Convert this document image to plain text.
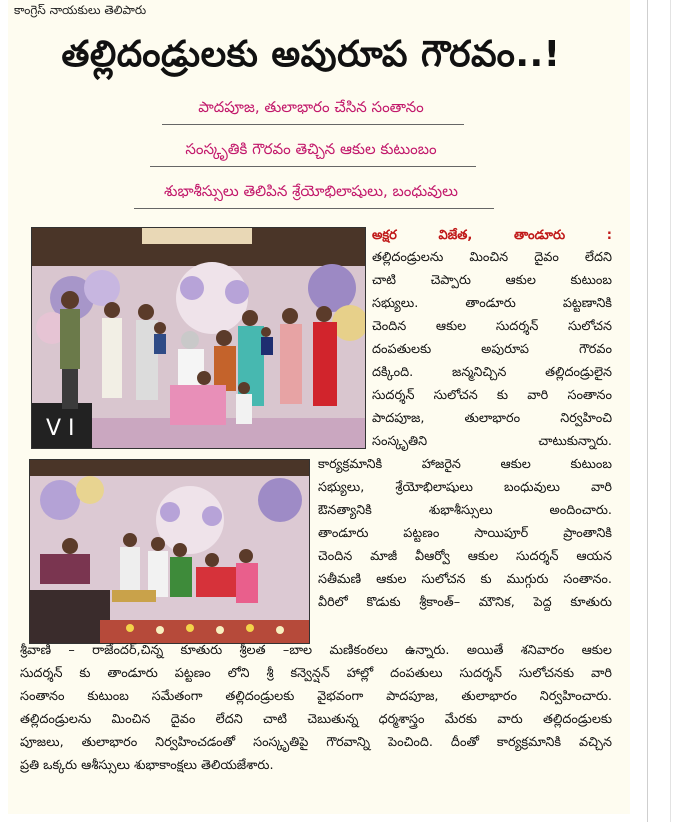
కాంగ్రెస్ నాయకులు తెలిపారు
తల్లిదండ్రులకు అపురూప గౌరవం..!
పాదపూజ, తులాభారం చేసిన సంతానం
సంస్కృతికి గౌరవం తెచ్చిన ఆకుల కుటుంబం
శుభాశీస్సులు తెలిపిన శ్రేయోభిలాషులు, బంధువులు
V I
అక్షర విజేత, తాండూరు :
తల్లిదండ్రులను మించిన దైవం లేదని
చాటి చెప్పారు ఆకుల కుటుంబ
సభ్యులు. తాండూరు పట్టణానికి
చెందిన ఆకుల సుదర్శన్ సులోచన
దంపతులకు అపురూప గౌరవం
దక్కింది. జన్మనిచ్చిన తల్లిదండ్రులైన
సుదర్శన్ సులోచన కు వారి సంతానం
పాదపూజ, తులాభారం నిర్వహించి
సంస్కృతిని చాటుకున్నారు.
కార్యక్రమానికి హాజరైన ఆకుల కుటుంబ
సభ్యులు, శ్రేయోభిలాషులు బంధువులు వారి
ఔనత్యానికి శుభాశీస్సులు అందించారు.
తాండూరు పట్టణం సాయిపూర్ ప్రాంతానికి
చెందిన మాజీ వీఆర్వో ఆకుల సుదర్శన్ ఆయన
సతీమణి ఆకుల సులోచన కు ముగ్గురు సంతానం.
వీరిలో కొడుకు శ్రీకాంత్– మౌనిక, పెద్ద కూతురు
శ్రీవాణి – రాజేందర్,చిన్న కూతురు శ్రీలత –బాల మణికంఠలు ఉన్నారు. అయితే శనివారం ఆకుల
సుదర్శన్ కు తాండూరు పట్టణం లోని శ్రీ కన్వెన్షన్ హాల్లో దంపతులు సుదర్శన్ సులోచనకు వారి
సంతానం కుటుంబ సమేతంగా తల్లిదండ్రులకు వైభవంగా పాదపూజ, తులాభారం నిర్వహించారు.
తల్లిదండ్రులను మించిన దైవం లేదని చాటి చెబుతున్న ధర్మశాస్త్రం మేరకు వారు తల్లిదండ్రులకు
పూజలు, తులాభారం నిర్వహించడంతో సంస్కృతిపై గౌరవాన్ని పెంచింది. దీంతో కార్యక్రమానికి వచ్చిన
ప్రతి ఒక్కరు ఆశీస్సులు శుభాకాంక్షలు తెలియజేశారు.
